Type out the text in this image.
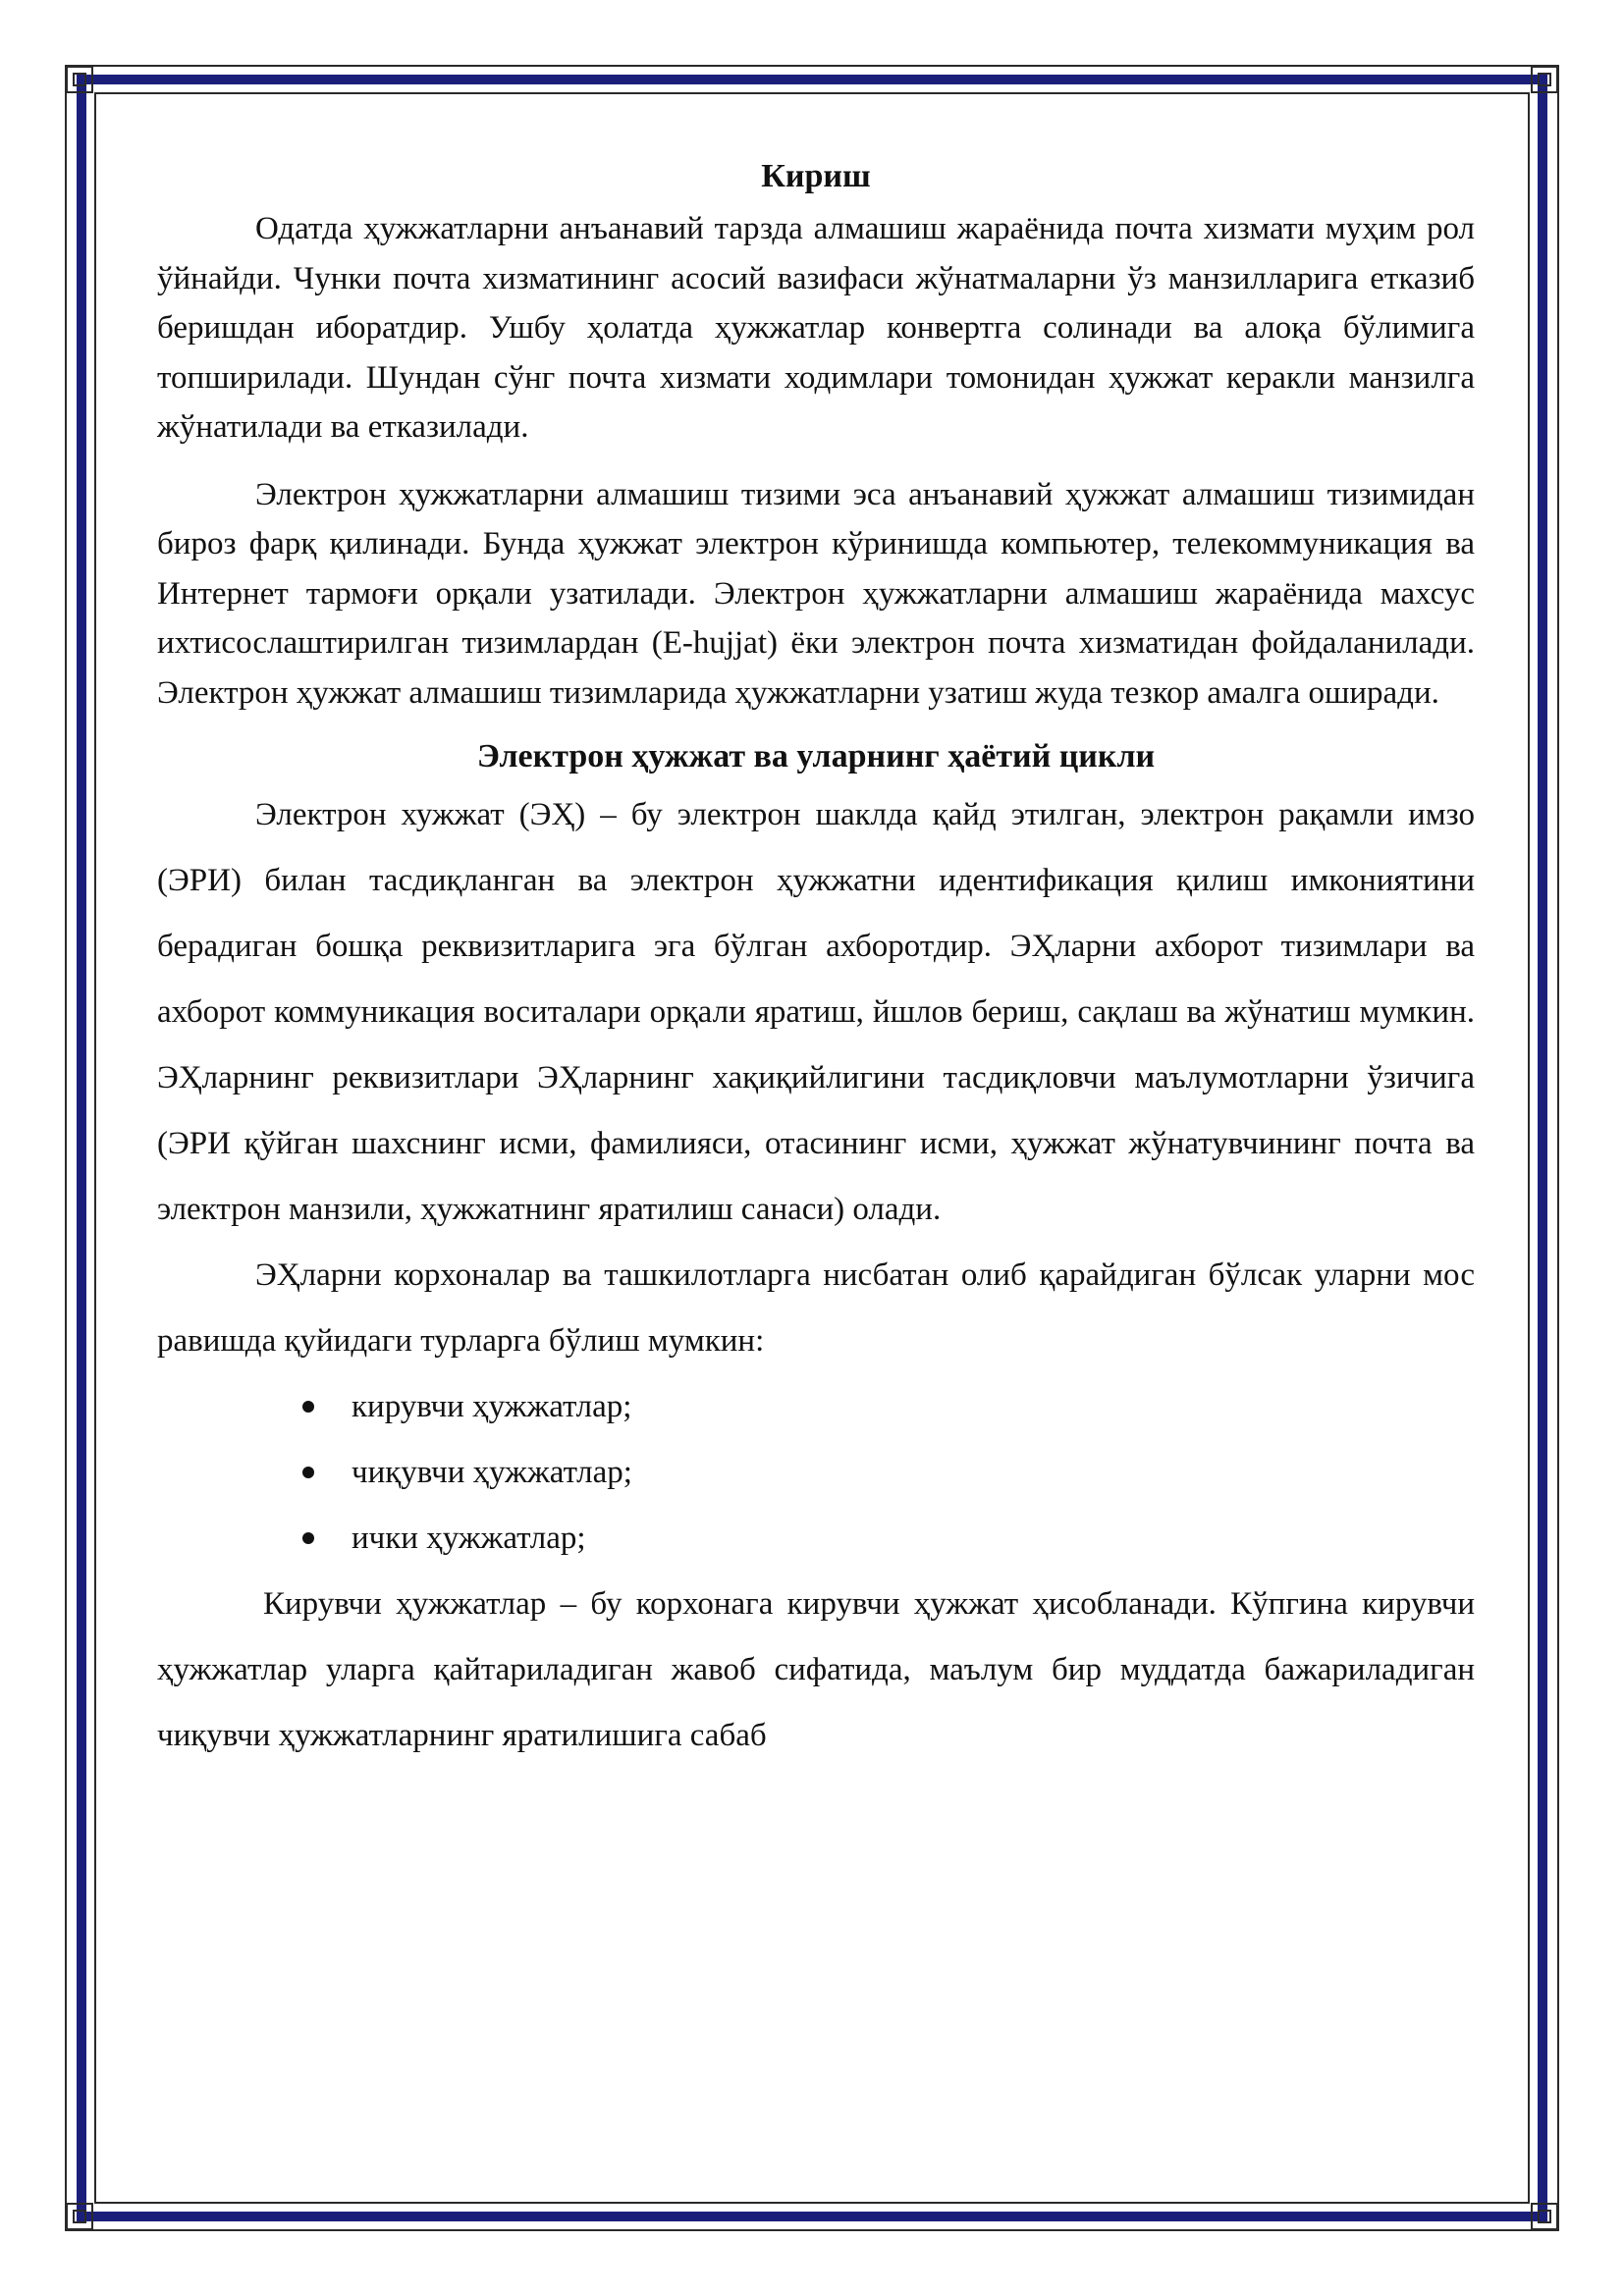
Кириш

Одатда ҳужжатларни анъанавий тарзда алмашиш жараёнида почта хизмати муҳим рол ўйнайди. Чунки почта хизматининг асосий вазифаси жўнатмаларни ўз манзилларига етказиб беришдан иборатдир. Ушбу ҳолатда ҳужжатлар конвертга солинади ва алоқа бўлимига топширилади. Шундан сўнг почта хизмати ходимлари томонидан ҳужжат керакли манзилга жўнатилади ва етказилади.

Электрон ҳужжатларни алмашиш тизими эса анъанавий ҳужжат алмашиш тизимидан бироз фарқ қилинади. Бунда ҳужжат электрон кўринишда компьютер, телекоммуникация ва Интернет тармоғи орқали узатилади. Электрон ҳужжатларни алмашиш жараёнида махсус ихтисослаштирилган тизимлардан (E-hujjat) ёки электрон почта хизматидан фойдаланилади. Электрон ҳужжат алмашиш тизимларида ҳужжатларни узатиш жуда тезкор амалга оширади.

Электрон ҳужжат ва уларнинг ҳаётий цикли

Электрон хужжат (ЭҲ) – бу электрон шаклда қайд этилган, электрон рақамли имзо (ЭРИ) билан тасдиқланган ва электрон ҳужжатни идентификация қилиш имкониятини берадиган бошқа реквизитларига эга бўлган ахборотдир. ЭҲларни ахборот тизимлари ва ахборот коммуникация воситалари орқали яратиш, йшлов бериш, сақлаш ва жўнатиш мумкин. ЭҲларнинг реквизитлари ЭҲларнинг хақиқийлигини тасдиқловчи маълумотларни ўзичига (ЭРИ қўйган шахснинг исми, фамилияси, отасининг исми, ҳужжат жўнатувчининг почта ва электрон манзили, ҳужжатнинг яратилиш санаси) олади.

ЭҲларни корхоналар ва ташкилотларга нисбатан олиб қарайдиган бўлсак уларни мос равишда қуйидаги турларга бўлиш мумкин:

кирувчи ҳужжатлар;
чиқувчи ҳужжатлар;
ички ҳужжатлар;

Кирувчи ҳужжатлар – бу корхонага кирувчи ҳужжат ҳисобланади. Кўпгина кирувчи ҳужжатлар уларга қайтариладиган жавоб сифатида, маълум бир муддатда бажариладиган чиқувчи ҳужжатларнинг яратилишига сабаб
